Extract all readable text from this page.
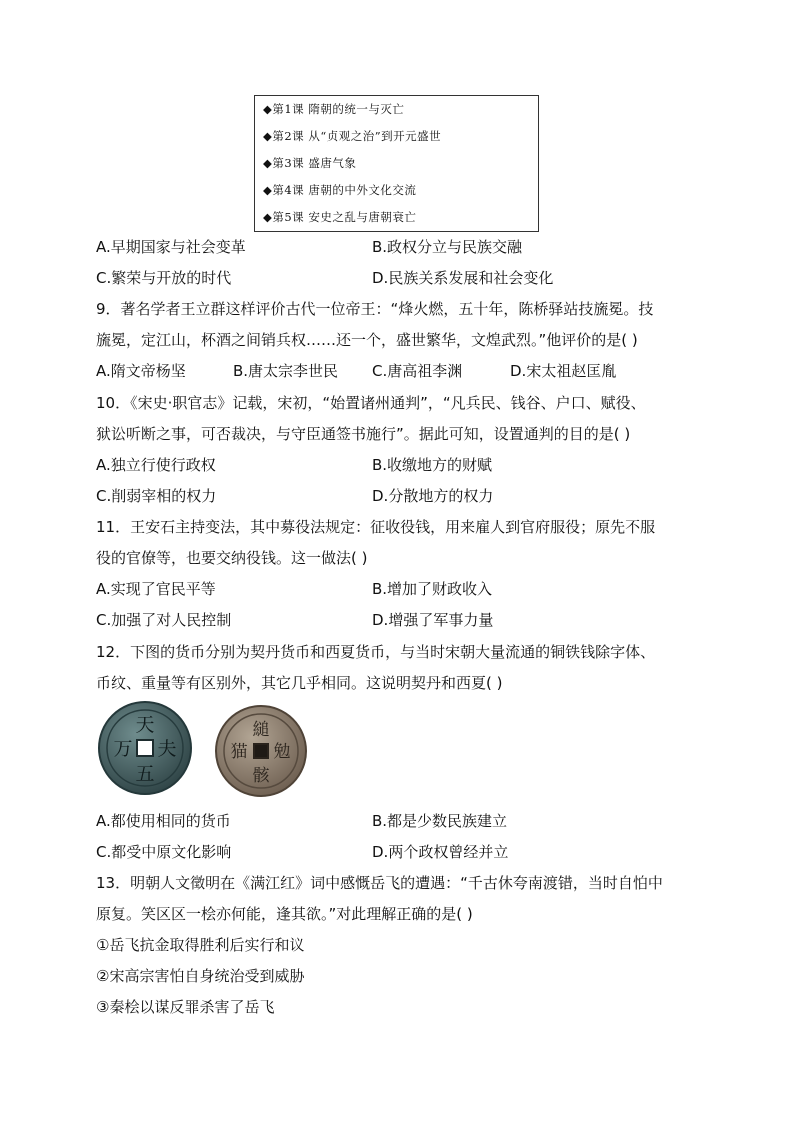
◆第1课 隋朝的统一与灭亡
◆第2课 从“贞观之治”到开元盛世
◆第3课 盛唐气象
◆第4课 唐朝的中外文化交流
◆第5课 安史之乱与唐朝衰亡
A.早期国家与社会变革	B.政权分立与民族交融
C.繁荣与开放的时代	D.民族关系发展和社会变化
9．著名学者王立群这样评价古代一位帝王：“烽火燃，五十年，陈桥驿站技旒冕。技
旒冕，定江山，杯酒之间销兵权……还一个，盛世繁华，文煌武烈。”他评价的是( )
A.隋文帝杨坚	B.唐太宗李世民 C.唐高祖李渊	D.宋太祖赵匡胤
10．《宋史·职官志》记载，宋初，“始置诸州通判”，“凡兵民、钱谷、户口、赋役、
狱讼听断之事，可否裁决，与守臣通签书施行”。据此可知，设置通判的目的是( )
A.独立行使行政权	B.收缴地方的财赋
C.削弱宰相的权力	D.分散地方的权力
11．王安石主持变法，其中募役法规定：征收役钱，用来雇人到官府服役；原先不服
役的官僚等，也要交纳役钱。这一做法( )
A.实现了官民平等	B.增加了财政收入
C.加强了对人民控制	D.增强了军事力量
12．下图的货币分别为契丹货币和西夏货币，与当时宋朝大量流通的铜铁钱除字体、
币纹、重量等有区别外，其它几乎相同。这说明契丹和西夏( )
天
夫
万
五
縋
勉
猫
骸
A.都使用相同的货币	B.都是少数民族建立
C.都受中原文化影响	D.两个政权曾经并立
13．明朝人文徵明在《满江红》词中感慨岳飞的遭遇：“千古休夸南渡错，当时自怕中
原复。笑区区一桧亦何能，逢其欲。”对此理解正确的是( )
①岳飞抗金取得胜利后实行和议
②宋高宗害怕自身统治受到威胁
③秦桧以谋反罪杀害了岳飞
